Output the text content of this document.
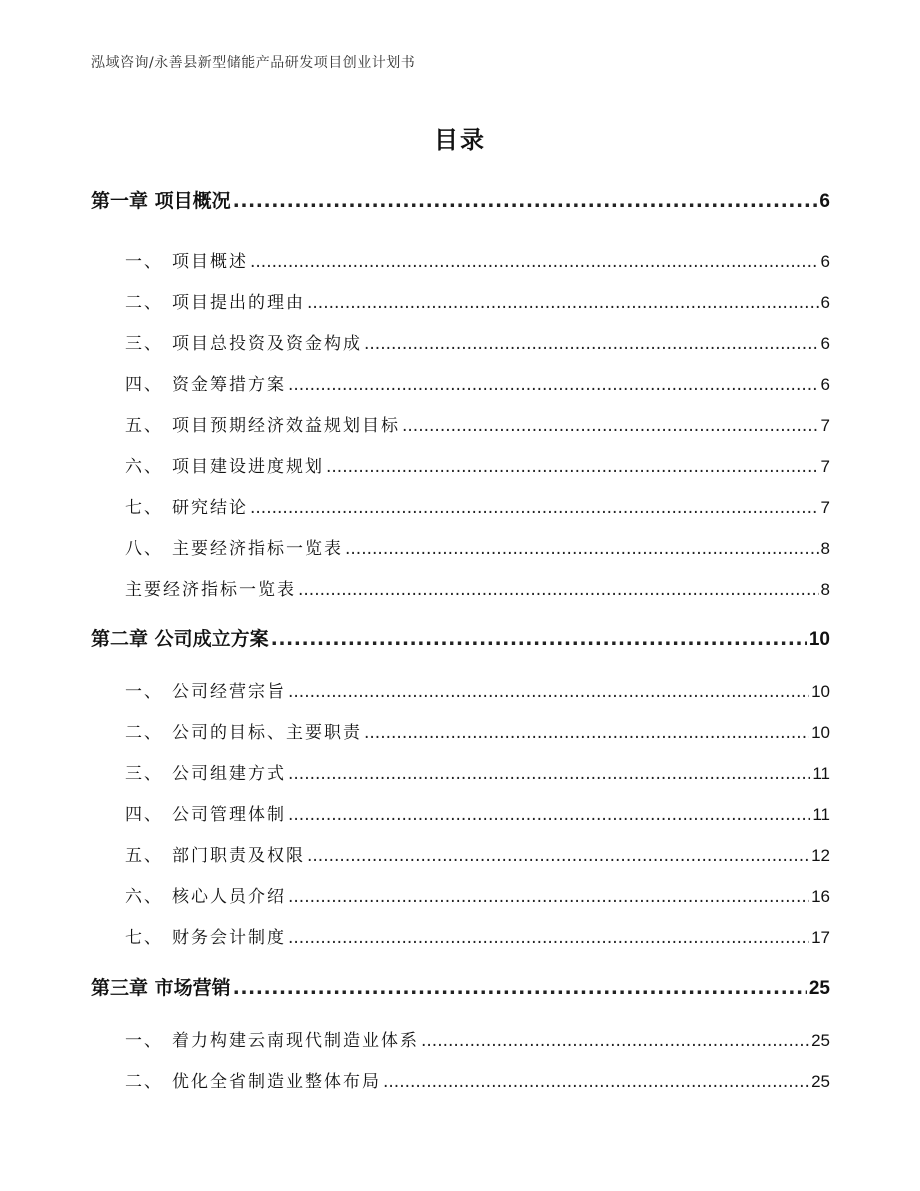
泓域咨询/永善县新型储能产品研发项目创业计划书
目录
第一章 项目概况 .....	6
一、 项目概述 .....	6
二、 项目提出的理由 .....	6
三、 项目总投资及资金构成 .....	6
四、 资金筹措方案 .....	6
五、 项目预期经济效益规划目标 .....	7
六、 项目建设进度规划 .....	7
七、 研究结论 .....	7
八、 主要经济指标一览表 .....	8
主要经济指标一览表 .....	8
第二章 公司成立方案 .....	10
一、 公司经营宗旨 .....	10
二、 公司的目标、主要职责 .....	10
三、 公司组建方式 .....	11
四、 公司管理体制 .....	11
五、 部门职责及权限 .....	12
六、 核心人员介绍 .....	16
七、 财务会计制度 .....	17
第三章 市场营销 .....	25
一、 着力构建云南现代制造业体系 .....	25
二、 优化全省制造业整体布局 .....	25
